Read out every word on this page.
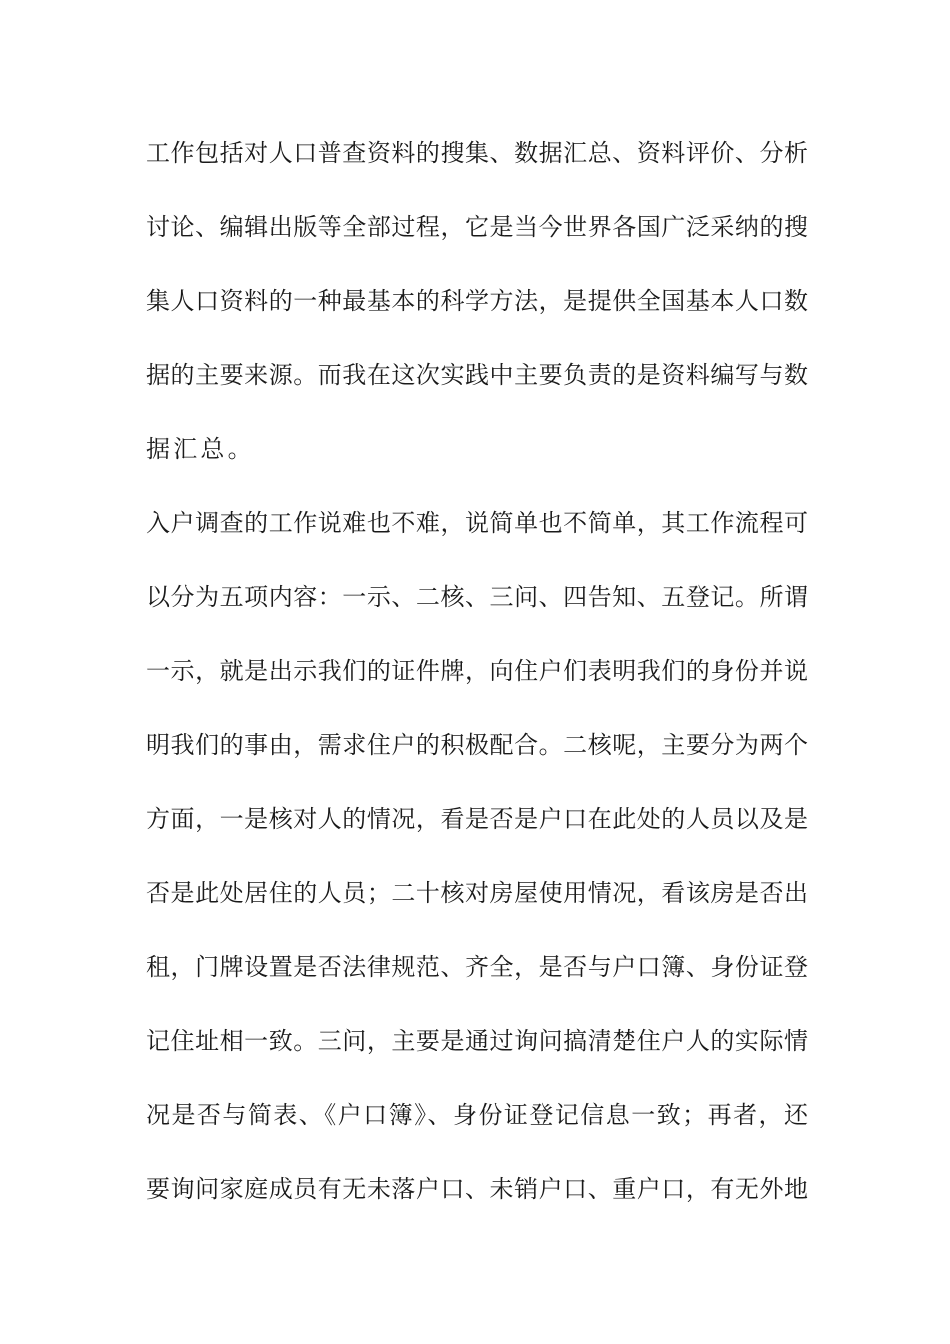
工作包括对人口普查资料的搜集、数据汇总、资料评价、分析
讨论、编辑出版等全部过程，它是当今世界各国广泛采纳的搜
集人口资料的一种最基本的科学方法，是提供全国基本人口数
据的主要来源。而我在这次实践中主要负责的是资料编写与数
据汇总。
入户调查的工作说难也不难，说简单也不简单，其工作流程可
以分为五项内容：一示、二核、三问、四告知、五登记。所谓
一示，就是出示我们的证件牌，向住户们表明我们的身份并说
明我们的事由，需求住户的积极配合。二核呢，主要分为两个
方面，一是核对人的情况，看是否是户口在此处的人员以及是
否是此处居住的人员；二十核对房屋使用情况，看该房是否出
租，门牌设置是否法律规范、齐全，是否与户口簿、身份证登
记住址相一致。三问，主要是通过询问搞清楚住户人的实际情
况是否与简表、《户口簿》、身份证登记信息一致；再者，还
要询问家庭成员有无未落户口、未销户口、重户口，有无外地
